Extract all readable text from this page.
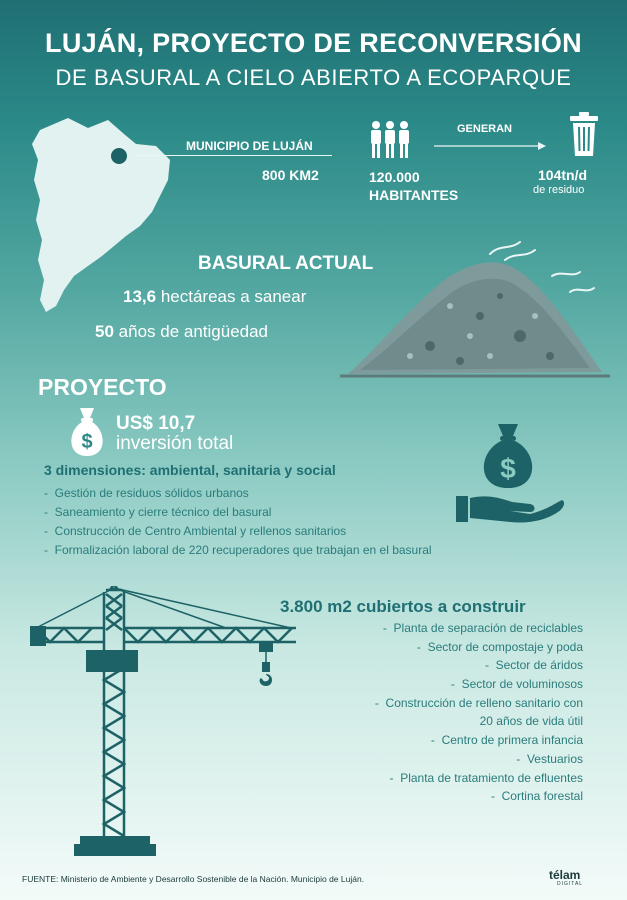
LUJÁN, PROYECTO DE RECONVERSIÓN
DE BASURAL A CIELO ABIERTO A ECOPARQUE
MUNICIPIO DE LUJÁN
800 KM2	120.000
HABITANTES
GENERAN
104tn/d
de residuo
BASURAL ACTUAL
13,6 hectáreas a sanear
50 años de antigüedad
PROYECTO
$
US$ 10,7
inversión total
$
3 dimensiones: ambiental, sanitaria y social
-  Gestión de residuos sólidos urbanos
-  Saneamiento y cierre técnico del basural
-  Construcción de Centro Ambiental y rellenos sanitarios
-  Formalización laboral de 220 recuperadores que trabajan en el basural
3.800 m2 cubiertos a construir
-  Planta de separación de reciclables
-  Sector de compostaje y poda
-  Sector de áridos
-  Sector de voluminosos
-  Construcción de relleno sanitario con
20 años de vida útil
-  Centro de primera infancia
-  Vestuarios
-  Planta de tratamiento de efluentes
-  Cortina forestal
FUENTE: Ministerio de Ambiente y Desarrollo Sostenible de la Nación. Municipio de Luján.	télam
DIGITAL
